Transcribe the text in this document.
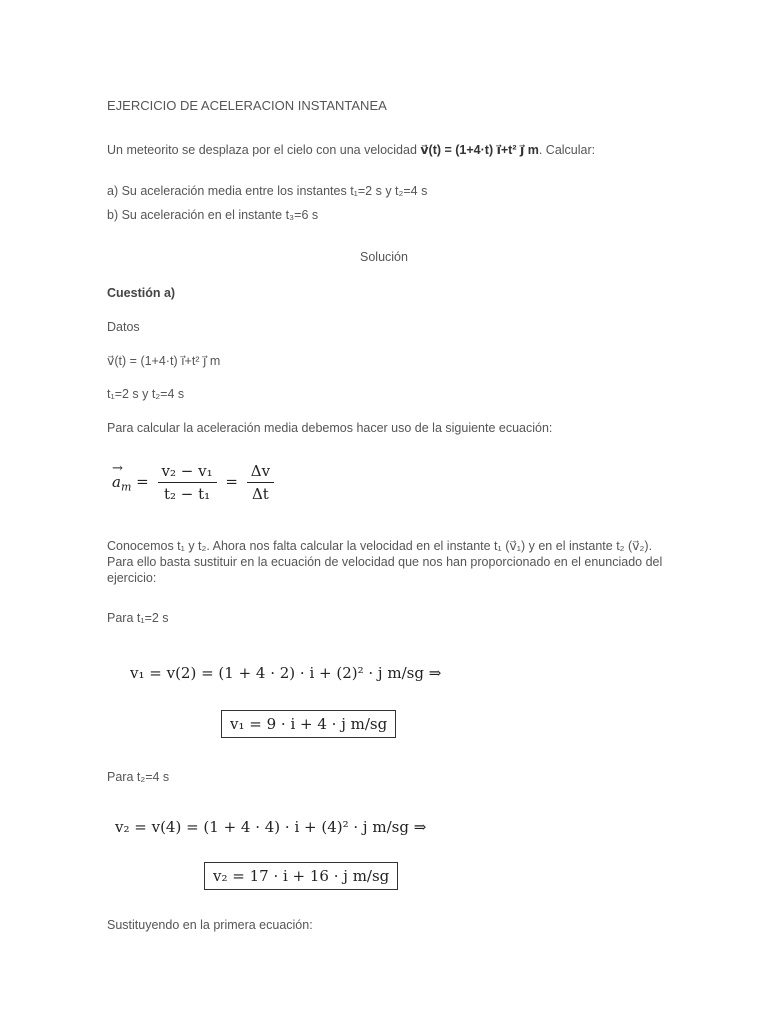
EJERCICIO DE ACELERACION INSTANTANEA
Un meteorito se desplaza por el cielo con una velocidad v⃗(t) = (1+4·t) i⃗+t² j⃗ m. Calcular:
a) Su aceleración media entre los instantes t₁=2 s y t₂=4 s
b) Su aceleración en el instante t₃=6 s
Solución
Cuestión a)
Datos
v⃗(t) = (1+4·t) i⃗+t² j⃗ m
t₁=2 s y t₂=4 s
Para calcular la aceleración media debemos hacer uso de la siguiente ecuación:
→ $a_m = \frac{\text{v₂ − v₁}}{\text{t₂ − t₁}} = \frac{\Delta v}{\Delta t}$
Conocemos t₁ y t₂. Ahora nos falta calcular la velocidad en el instante t₁ (v⃗₁) y en el instante t₂ (v⃗₂). Para ello basta sustituir en la ecuación de velocidad que nos han proporcionado en el enunciado del ejercicio:
Para t₁=2 s
v₁ = v(2) = (1 + 4 · 2) · i + (2)² · j m/sg ⇒
v₁ = 9 · i + 4 · j m/sg
Para t₂=4 s
v₂ = v(4) = (1 + 4 · 4) · i + (4)² · j m/sg ⇒
v₂ = 17 · i + 16 · j m/sg
Sustituyendo en la primera ecuación:
